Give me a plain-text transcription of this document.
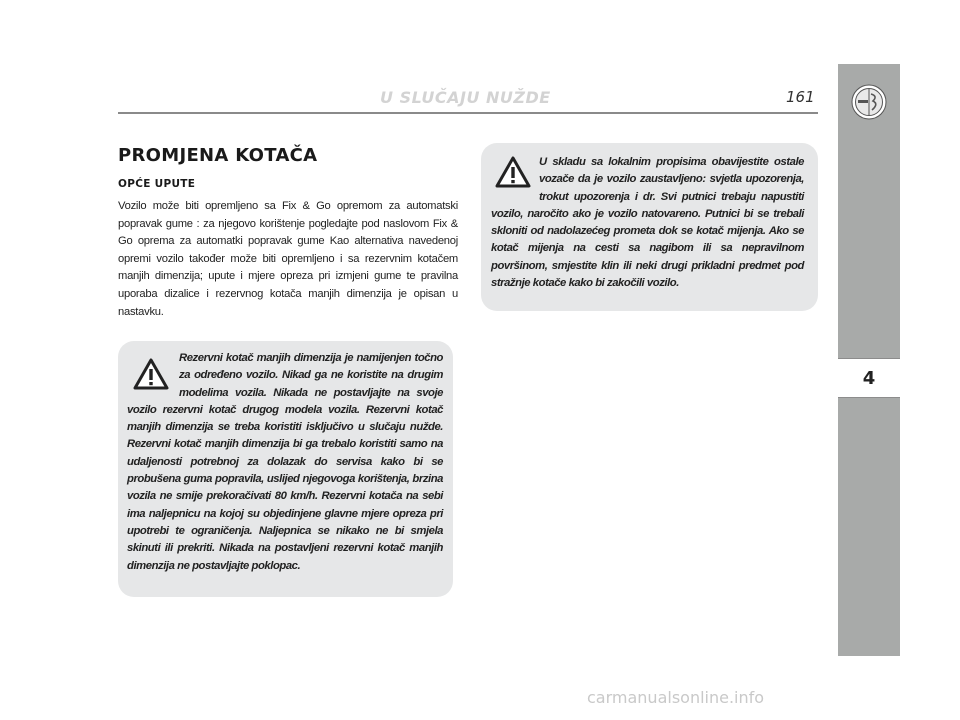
U SLUČAJU NUŽDE	161
4
PROMJENA KOTAČA
OPĆE UPUTE
Vozilo može biti opremljeno sa Fix & Go opremom za automatski popravak gume : za njegovo korištenje pogledajte pod naslovom Fix & Go oprema za automatki popravak gume Kao alternativa navedenoj opremi vozilo također može biti opremljeno i sa rezervnim kotačem manjih dimenzija; upute i mjere opreza pri izmjeni gume te pravilna uporaba dizalice i rezervnog kotača manjih dimenzija je opisan u nastavku.

U skladu sa lokalnim propisima obavijestite ostale vozače da je vozilo zaustavljeno: svjetla upozorenja, trokut upozorenja i dr. Svi putnici trebaju napustiti vozilo, naročito ako je vozilo natovareno. Putnici bi se trebali skloniti od nadolazećeg prometa dok se kotač mijenja. Ako se kotač mijenja na cesti sa nagibom ili sa nepravilnom površinom, smjestite klin ili neki drugi prikladni predmet pod stražnje kotače kako bi zakočili vozilo.

Rezervni kotač manjih dimenzija je namijenjen točno za određeno vozilo. Nikad ga ne koristite na drugim modelima vozila. Nikada ne postavljajte na svoje vozilo rezervni kotač drugog modela vozila. Rezervni kotač manjih dimenzija se treba koristiti isključivo u slučaju nužde. Rezervni kotač manjih dimenzija bi ga trebalo koristiti samo na udaljenosti potrebnoj za dolazak do servisa kako bi se probušena guma popravila, uslijed njegovoga korištenja, brzina vozila ne smije prekoračivati 80 km/h. Rezervni kotača na sebi ima naljepnicu na kojoj su objedinjene glavne mjere opreza pri upotrebi te ograničenja. Naljepnica se nikako ne bi smjela skinuti ili prekriti. Nikada na postavljeni rezervni kotač manjih dimenzija ne postavljajte poklopac.

carmanualsonline.info
